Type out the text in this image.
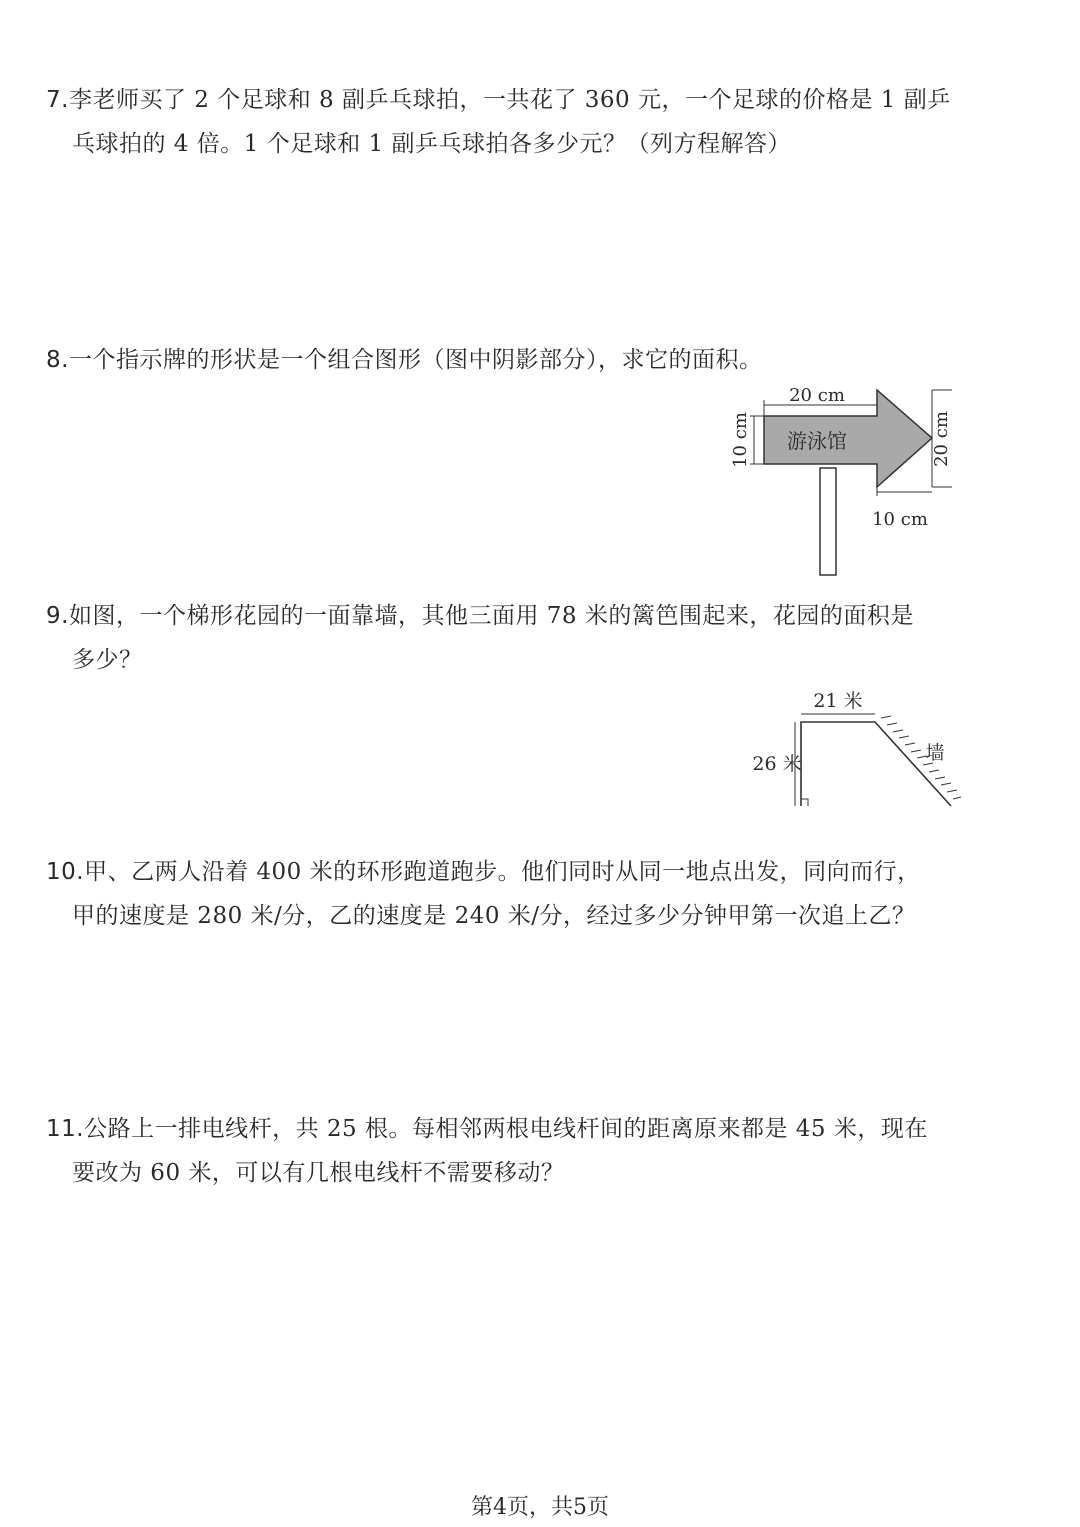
7.李老师买了 2 个足球和 8 副乒乓球拍，一共花了 360 元，一个足球的价格是 1 副乒
乓球拍的 4 倍。1 个足球和 1 副乒乓球拍各多少元？（列方程解答）
8.一个指示牌的形状是一个组合图形（图中阴影部分），求它的面积。
游泳馆
20 cm
10 cm	20 cm
10 cm
9.如图，一个梯形花园的一面靠墙，其他三面用 78 米的篱笆围起来，花园的面积是
多少？
21 米
26 米	墙
10.甲、乙两人沿着 400 米的环形跑道跑步。他们同时从同一地点出发，同向而行，
甲的速度是 280 米/分，乙的速度是 240 米/分，经过多少分钟甲第一次追上乙？
11.公路上一排电线杆，共 25 根。每相邻两根电线杆间的距离原来都是 45 米，现在
要改为 60 米，可以有几根电线杆不需要移动？
第4页，共5页
